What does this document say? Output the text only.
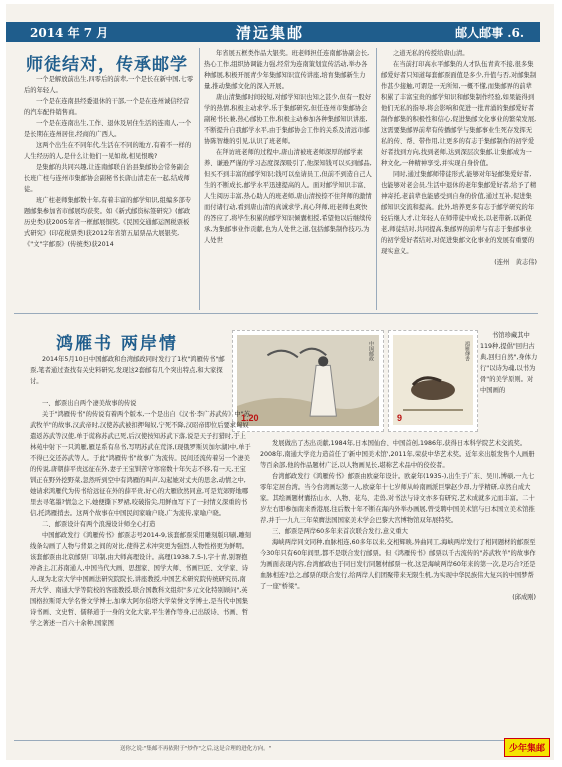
2014 年 7 月	清远集邮	邮人邮事 .6.
师徒结对，传承邮学

一个是解放前出生,四零后的前辈,一个是长在新中国,七零后的年轻人。

一个是在连南县经委退休的干部,一个是在连州诚信经营的汽车配件销售商。

一个是在连南出生,工作、退休及居住生活的连南人,一个是长期在连州居住,经商的广西人。

这两个出生在不同年代,生活在不同的地方,有着不一样的人生经历的人,是什么让他们一见如故,相见恨晚?

是集邮的共同兴趣,让连南邮联自治县集邮协会常务副会长班广柱与连州市集邮协会副秘书长唐山清走在一起,结成师徒。

班广柱老师集邮数十年,有着丰富的邮学知识,组编多部专题邮集参加省市邮展均获奖。如《新式邮资标签研究》(邮政历史类)获2005年省一框邮展铜奖,《民国交通邮运图税票板式研究》(印花税票类)获2012年省第五届票品大展银奖,《"文"字邮票》(传统类)获2014

年省展五框类作品大银奖。班老师担任连南邮协副会长,热心工作,组织协调能力强,经常为连南策划宣传活动,举办各种邮展,积极开展青少年集邮知识宣传讲座,培育集邮新生力量,推动集邮文化的深入开展。

唐山清集邮时间较短,对邮学知识也知之甚少,但有一股好学的热情,积极主动求学,乐于集邮研究,但任连州市集邮协会副秘书长兼,热心邮协工作,积极主动参加各种集邮知识讲座,不断提升自我邮学水平,由于集邮协会工作的关系及清远市邮协陈智雄的引见,认识了班老师。

在拜访班老师的过程中,唐山清被班老师深厚的邮学素养、谦逊严谨的学习态度深深吸引了,他深知钱可以买到邮品,但买不到丰富的邮学知识;钱可以垒请员工,但前不到造自己人生的不断成长,邮学水平迅速提高的人。面对邮学知识丰富、人生阅历丰富,热心助人的班老师,唐山清按捺不住拜师的激情而付诸行动,看到唐山清的真诚求学,真心拜师,班老师也爽快的答应了,将毕生积累的邮学知识倾囊相授,希望他以后继续传承,为集邮事业作贡献,也为人处世之道,包括邮集制作技巧,为人处世

之道无私的传授给唐山清。

在当前打印高水平邮集的人才队伍青黄不接,很多集邮爱好者只知道每套邮票面值是多少,升值与否,对邮集制作甚少接触,可谓是一无所知,一概不懂,而集邮界的前辈积累了丰富宝贵的邮学知识和邮集制作经验,如果能得到他们无私的指导,将会影响和促进一批青涌的集邮爱好者制作邮集的积极性和信心,促进集邮文化事业的繁荣发展,这需要集邮界前辈有传播邮学与集邮事业生死存发挥无私的传、帮、带作用,让更多的有志于集邮制作的初学爱好者找到方向,找到老师,达到深层次集邮,让集邮成为一种文化,一种精神享受,并实现自身价值。

同时,通过集邮师带徒形式,能够对年轻邮集爱好者,也能够对老会员,生活中退休的老年集邮爱好者,给予了精神寄托,老前辈也能感受到自身的价值,通过互补,促进集邮知识交流和提高。此外,培养更多有志于邮学研究的年轻后继人才,让年轻人在师带徒中成长,以老带新,以新促老,师徒结对,共同提高,集邮界的前辈与有志于集邮事业的初学爱好者结对,对促进集邮文化事业的发展有重要的现实意义。

(连州　黄志伟)

鸿雁书 两岸情
1.20
中国邮政
9
鴻雁傳書

2014年5月10日中国邮政和台湾邮政同时发行了1枚"鸿雁传书"邮票,笔者通过查找有关史料研究,发现这2套邮有几个突出特点,和大家探讨。

一、邮票出自两个凄美故事的传说

关于"鸿雁传书"的传说有着两个版本,一个是出自《汉书·李广苏武传》中"苏武牧羊"的故事,汉武帝时,汉使苏武被扣押匈奴,宁死不降,汉昭帝即位后要求匈奴遣返苏武等汉使,单于谎称苏武已死,后汉使按知苏武下落,说是天子打猎时,于上林苑中射下一只鸿雁,雁足系有帛书,写明苏武在荒泽,(现俄罗斯贝加尔湖)中,单于不得已交还苏武等人。于此"鸿雁传书"故事广为流传。民间还流传着另一个凄美的传说,唐朝薛平贵远征在外,妻子王宝钏苦守寒窑数十年矢志不移,有一天,王宝钏正在野外挖野菜,忽然听到空中有鸿雁的叫声,勾起她对丈夫的思念,动情之中,她请求鸿雁代为传书给远征在外的薛平贵,好心的大雁欣然同意,可是荒郊野地哪里去寻笔墨?情急之下,她便撕下罗裙,咬破指尖,用鲜血写下了一封情义深重的书信,托鸿雁捎去。这两个故事在中国民间家喻户晓,广为流传,家喻户晓。

二、邮票设计有两个浪漫设计师全心打造

中国邮政发行《鸿雁传书》邮票志号2014-9,该套邮票采用雕刻版印刷,雕刻线条勾画了人物与背景之间的对比,使得艺术冲突更为强烈,人物性格更为鲜明。该套邮票由北京邮票厂印制,由大师高理设计。高理(1938.7.5-),字十青,别署抱冲斋主,江苏南通人,中国当代大画、思想家、国学大师、书画巨匠、文学家、诗人,现为北京大学中国画法研究院院长,讲座教授,中国艺术研究院传统研究员,南开大学、南通大学等院校的客座教授,联合国教科文组织"多元文化特别顾问",英国格拉斯哥大学名誉文学博士,加拿大阿尔伯塔大学荣誉文学博士,是当代中国集诗书画、文史哲、儒释道于一身的文化大家,平生著作等身,已出版诗、书画、哲学之著述一百六十余种,国家图

书馆珍藏其中119种,提倡"回归古典,回归自然",身体力行"以诗为魂,以书为骨"的美学原则。对中国画的

发展做出了杰出贡献,1984年,日本国仙台、中国首创,1986年,获得日本科学院艺术交流奖。2008年,南通大学竞力造首任了'新中国美术馆',2011年,荣获中华艺术奖。近年来出版发售个人画册等百余部,他的作品题材广泛,以人物画见长,堪称艺术品中的佼佼者。

台湾邮政发行《鸿雁传书》邮票由欧豪年设计。欧豪年(1935-),出生于广东、吴川,博硕,一九七零年定居台湾。当今台湾画坛第一人,欧豪年十七岁师从岭南画派巨擘赵少昂,力学精研,卓然自成大家。其绘画题材囊括山水、人物、花鸟、走兽,对书法与诗文亦多有研究,艺术成就多元而丰富。二十岁左右即参加南来香港展,往后数十年不断在海内外举办画展,曾受聘中国美术馆与日本国立美术馆推荐,并于一九九三年荣膺法国国家美术学会巴黎大宫博物馆双年展特奖。

三、邮票是两岸60多年来首次联合发行,意义重大

海峡两岸同文同种,血脉相连,60多年以来,交相辉映,异曲同工,海峡两岸发行了相同题材的邮票至今30年只有60年间里,都不是联合发行邮票。但《鸿雁传书》邮票以千古流传的"苏武牧羊"的故事作为画面表现内容,台湾邮政也于同日发行同题材邮票一枚,这是海峡两岸60年来的第一次,是巧合?还是血脉相连?总之,邮票的联合发行,给两岸人们团聚带来无限生机,为实现中华民族伟大复兴的中国梦帮了一座"桥梁"。

(邱成刚)

送你之说:"集邮不再依附于"炒作"之后,这是合理的进化方向。"	少年集邮
